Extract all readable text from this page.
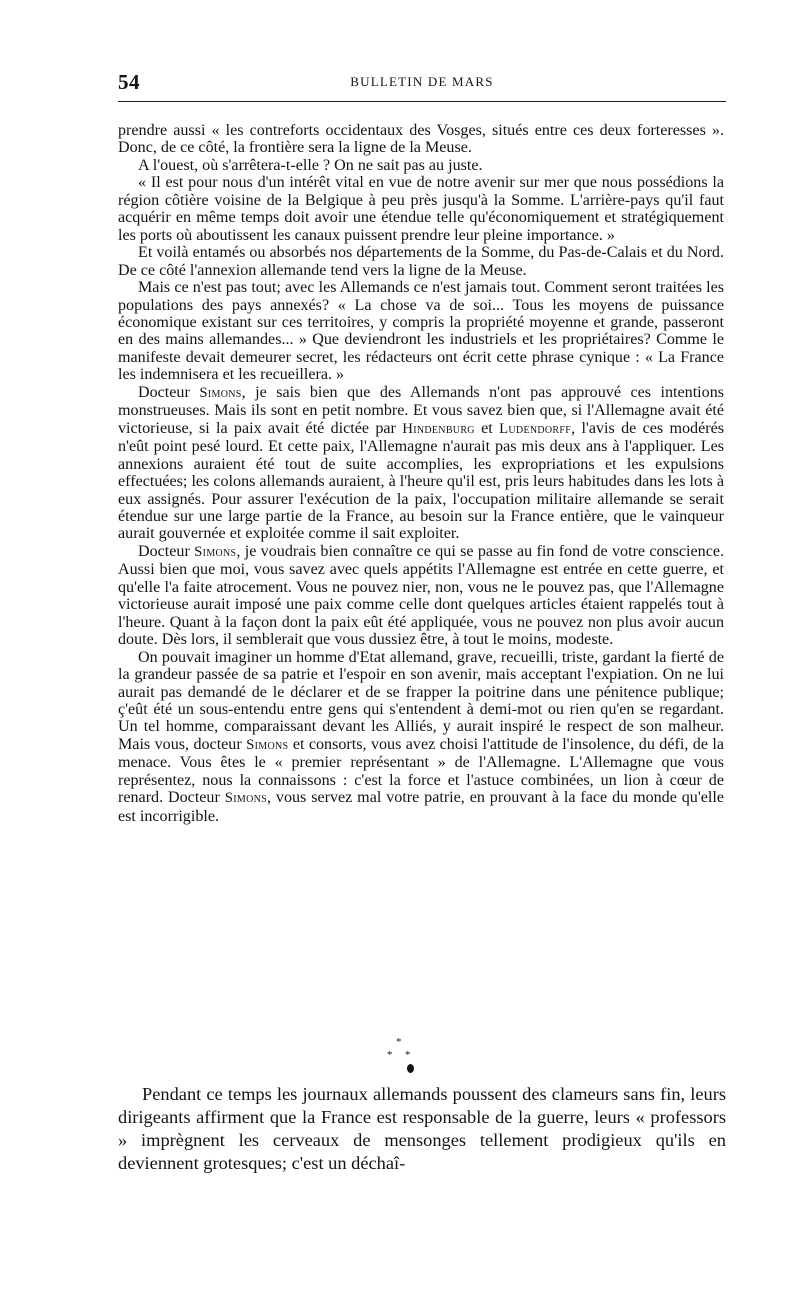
54	BULLETIN DE MARS

prendre aussi « les contreforts occidentaux des Vosges, situés entre ces deux forteresses ». Donc, de ce côté, la frontière sera la ligne de la Meuse.

A l'ouest, où s'arrêtera-t-elle ? On ne sait pas au juste.

« Il est pour nous d'un intérêt vital en vue de notre avenir sur mer que nous possédions la région côtière voisine de la Belgique à peu près jusqu'à la Somme. L'arrière-pays qu'il faut acquérir en même temps doit avoir une étendue telle qu'économiquement et stratégiquement les ports où aboutissent les canaux puissent prendre leur pleine importance. »

Et voilà entamés ou absorbés nos départements de la Somme, du Pas-de-Calais et du Nord. De ce côté l'annexion allemande tend vers la ligne de la Meuse.

Mais ce n'est pas tout; avec les Allemands ce n'est jamais tout. Comment seront traitées les populations des pays annexés? « La chose va de soi... Tous les moyens de puissance économique existant sur ces territoires, y compris la propriété moyenne et grande, passeront en des mains allemandes... » Que deviendront les industriels et les propriétaires? Comme le manifeste devait demeurer secret, les rédacteurs ont écrit cette phrase cynique : « La France les indemnisera et les recueillera. »

Docteur Simons, je sais bien que des Allemands n'ont pas approuvé ces intentions monstrueuses. Mais ils sont en petit nombre. Et vous savez bien que, si l'Allemagne avait été victorieuse, si la paix avait été dictée par Hindenburg et Ludendorff, l'avis de ces modérés n'eût point pesé lourd. Et cette paix, l'Allemagne n'aurait pas mis deux ans à l'appliquer. Les annexions auraient été tout de suite accomplies, les expropriations et les expulsions effectuées; les colons allemands auraient, à l'heure qu'il est, pris leurs habitudes dans les lots à eux assignés. Pour assurer l'exécution de la paix, l'occupation militaire allemande se serait étendue sur une large partie de la France, au besoin sur la France entière, que le vainqueur aurait gouvernée et exploitée comme il sait exploiter.

Docteur Simons, je voudrais bien connaître ce qui se passe au fin fond de votre conscience. Aussi bien que moi, vous savez avec quels appétits l'Allemagne est entrée en cette guerre, et qu'elle l'a faite atrocement. Vous ne pouvez nier, non, vous ne le pouvez pas, que l'Allemagne victorieuse aurait imposé une paix comme celle dont quelques articles étaient rappelés tout à l'heure. Quant à la façon dont la paix eût été appliquée, vous ne pouvez non plus avoir aucun doute. Dès lors, il semblerait que vous dussiez être, à tout le moins, modeste.

On pouvait imaginer un homme d'Etat allemand, grave, recueilli, triste, gardant la fierté de la grandeur passée de sa patrie et l'espoir en son avenir, mais acceptant l'expiation. On ne lui aurait pas demandé de le déclarer et de se frapper la poitrine dans une pénitence publique; ç'eût été un sous-entendu entre gens qui s'entendent à demi-mot ou rien qu'en se regardant. Un tel homme, comparaissant devant les Alliés, y aurait inspiré le respect de son malheur. Mais vous, docteur Simons et consorts, vous avez choisi l'attitude de l'insolence, du défi, de la menace. Vous êtes le « premier représentant » de l'Allemagne. L'Allemagne que vous représentez, nous la connaissons : c'est la force et l'astuce combinées, un lion à cœur de renard. Docteur Simons, vous servez mal votre patrie, en prouvant à la face du monde qu'elle est incorrigible.

*
* *

Pendant ce temps les journaux allemands poussent des clameurs sans fin, leurs dirigeants affirment que la France est responsable de la guerre, leurs « professors » imprègnent les cerveaux de mensonges tellement prodigieux qu'ils en deviennent grotesques; c'est un déchaî-
